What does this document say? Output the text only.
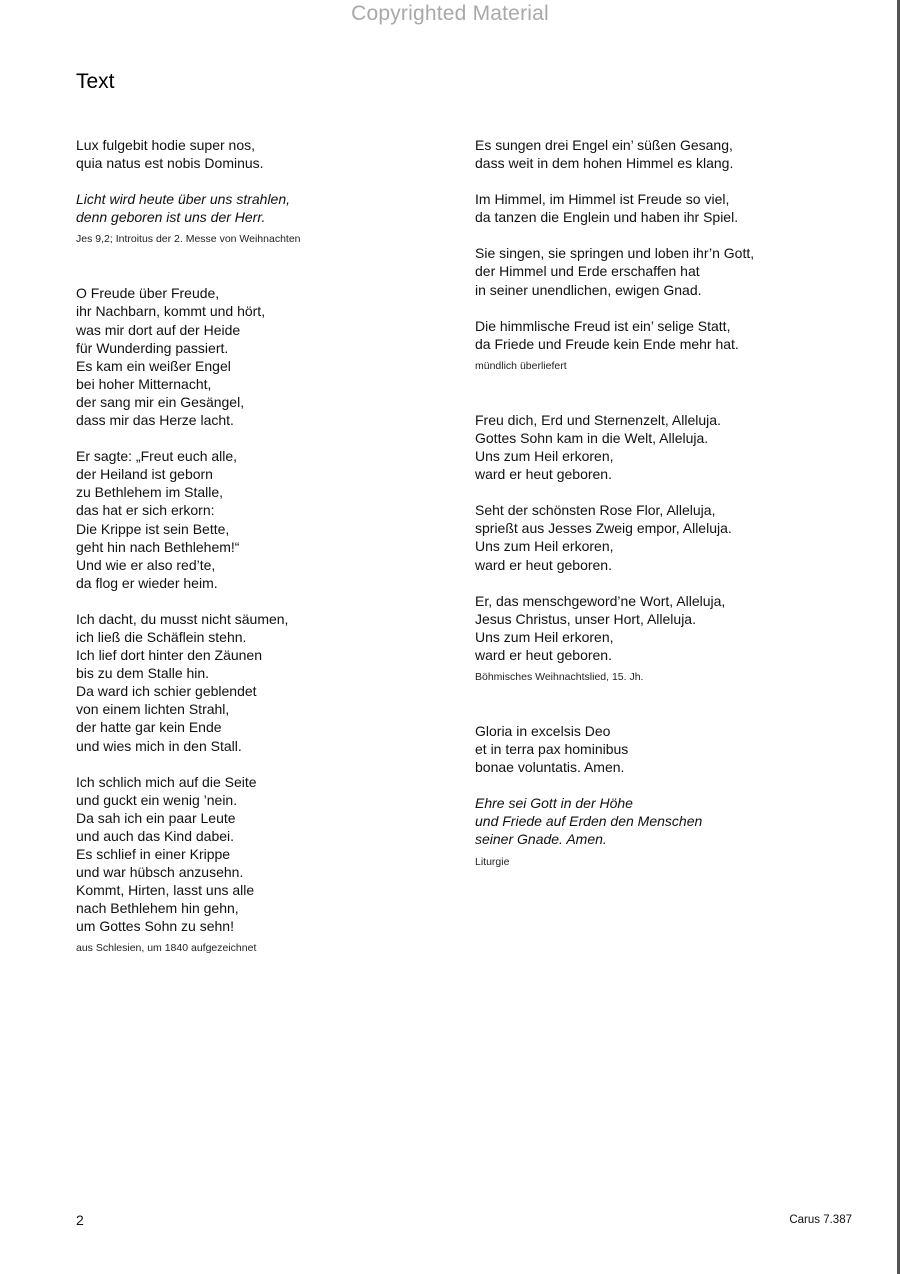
Copyrighted Material
Text
Lux fulgebit hodie super nos,
quia natus est nobis Dominus.
Licht wird heute über uns strahlen,
denn geboren ist uns der Herr.
Jes 9,2; Introitus der 2. Messe von Weihnachten
O Freude über Freude,
ihr Nachbarn, kommt und hört,
was mir dort auf der Heide
für Wunderding passiert.
Es kam ein weißer Engel
bei hoher Mitternacht,
der sang mir ein Gesängel,
dass mir das Herze lacht.
Er sagte: „Freut euch alle,
der Heiland ist geborn
zu Bethlehem im Stalle,
das hat er sich erkorn:
Die Krippe ist sein Bette,
geht hin nach Bethlehem!“
Und wie er also red’te,
da flog er wieder heim.
Ich dacht, du musst nicht säumen,
ich ließ die Schäflein stehn.
Ich lief dort hinter den Zäunen
bis zu dem Stalle hin.
Da ward ich schier geblendet
von einem lichten Strahl,
der hatte gar kein Ende
und wies mich in den Stall.
Ich schlich mich auf die Seite
und guckt ein wenig ’nein.
Da sah ich ein paar Leute
und auch das Kind dabei.
Es schlief in einer Krippe
und war hübsch anzusehn.
Kommt, Hirten, lasst uns alle
nach Bethlehem hin gehn,
um Gottes Sohn zu sehn!
aus Schlesien, um 1840 aufgezeichnet
Es sungen drei Engel ein’ süßen Gesang,
dass weit in dem hohen Himmel es klang.
Im Himmel, im Himmel ist Freude so viel,
da tanzen die Englein und haben ihr Spiel.
Sie singen, sie springen und loben ihr’n Gott,
der Himmel und Erde erschaffen hat
in seiner unendlichen, ewigen Gnad.
Die himmlische Freud ist ein’ selige Statt,
da Friede und Freude kein Ende mehr hat.
mündlich überliefert
Freu dich, Erd und Sternenzelt, Alleluja.
Gottes Sohn kam in die Welt, Alleluja.
Uns zum Heil erkoren,
ward er heut geboren.
Seht der schönsten Rose Flor, Alleluja,
sprießt aus Jesses Zweig empor, Alleluja.
Uns zum Heil erkoren,
ward er heut geboren.
Er, das menschgeword’ne Wort, Alleluja,
Jesus Christus, unser Hort, Alleluja.
Uns zum Heil erkoren,
ward er heut geboren.
Böhmisches Weihnachtslied, 15. Jh.
Gloria in excelsis Deo
et in terra pax hominibus
bonae voluntatis. Amen.
Ehre sei Gott in der Höhe
und Friede auf Erden den Menschen
seiner Gnade. Amen.
Liturgie
2	Carus 7.387
